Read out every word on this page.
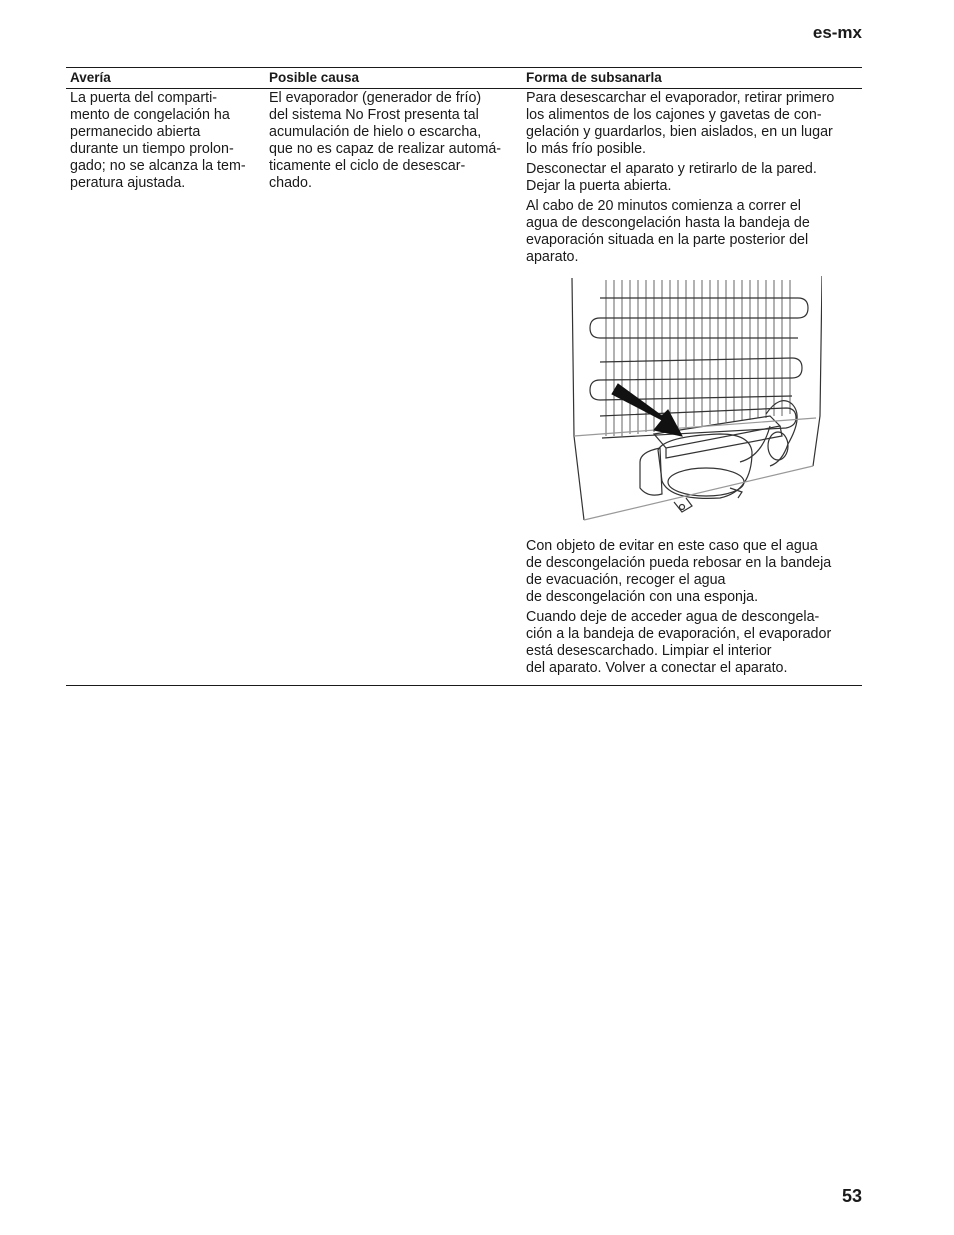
es-mx
Avería	Posible causa	Forma de subsanarla
La puerta del comparti-
mento de congelación ha
permanecido abierta
durante un tiempo prolon-
gado; no se alcanza la tem-
peratura ajustada.
El evaporador (generador de frío)
del sistema No Frost presenta tal
acumulación de hielo o escarcha,
que no es capaz de realizar automá-
ticamente el ciclo de desescar-
chado.

Para desescarchar el evaporador, retirar primero
los alimentos de los cajones y gavetas de con-
gelación y guardarlos, bien aislados, en un lugar
lo más frío posible.

Desconectar el aparato y retirarlo de la pared.
Dejar la puerta abierta.

Al cabo de 20 minutos comienza a correr el
agua de descongelación hasta la bandeja de
evaporación situada en la parte posterior del
aparato.

Con objeto de evitar en este caso que el agua
de descongelación pueda rebosar en la bandeja
de evacuación, recoger el agua
de descongelación con una esponja.

Cuando deje de acceder agua de descongela-
ción a la bandeja de evaporación, el evaporador
está desescarchado. Limpiar el interior
del aparato. Volver a conectar el aparato.

53
